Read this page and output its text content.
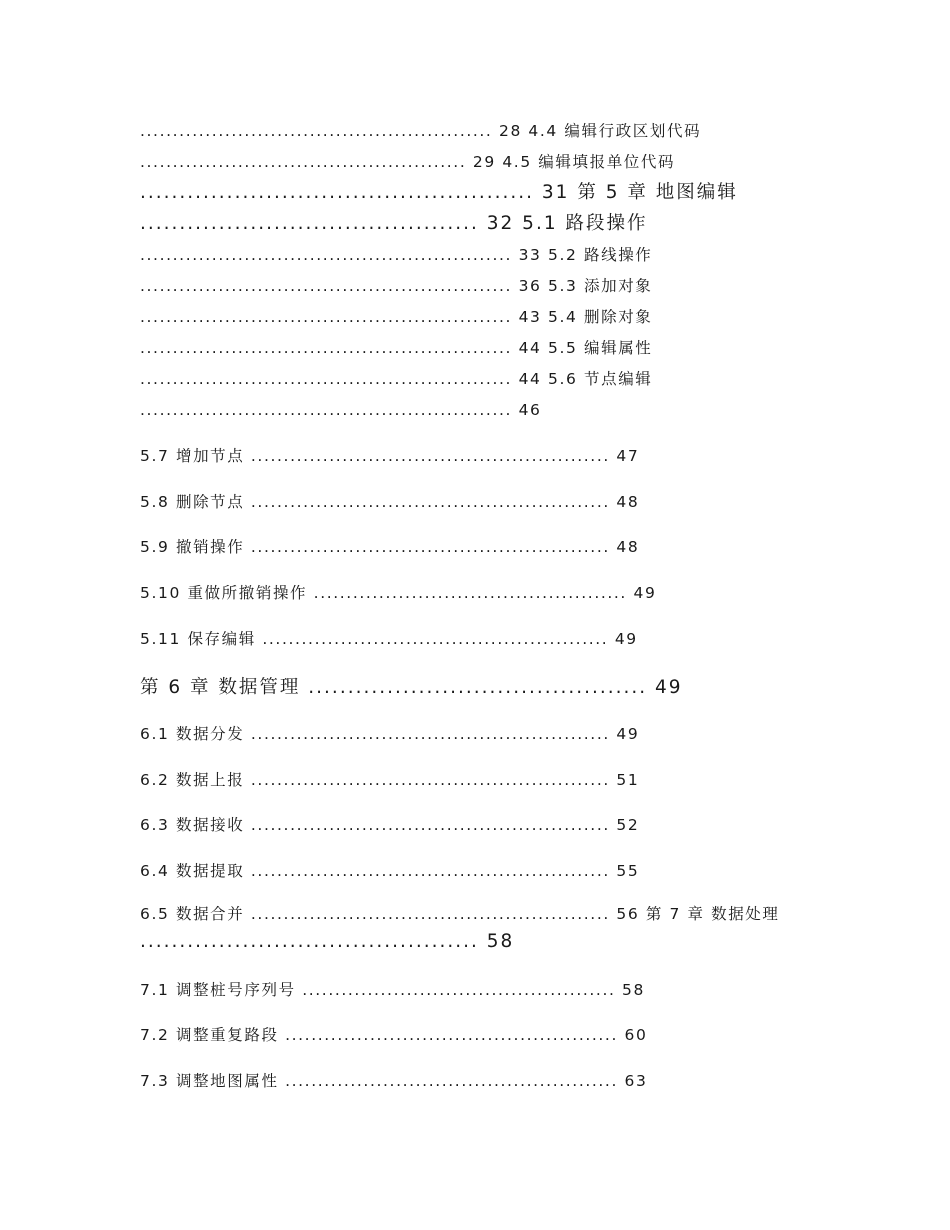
...................................................... 28 4.4 编辑行政区划代码
.................................................. 29 4.5 编辑填报单位代码
.................................................. 31 第 5 章 地图编辑
........................................... 32 5.1 路段操作
......................................................... 33 5.2 路线操作
......................................................... 36 5.3 添加对象
......................................................... 43 5.4 删除对象
......................................................... 44 5.5 编辑属性
......................................................... 44 5.6 节点编辑
......................................................... 46
5.7 增加节点 ....................................................... 47
5.8 删除节点 ....................................................... 48
5.9 撤销操作 ....................................................... 48
5.10 重做所撤销操作 ................................................ 49
5.11 保存编辑 ..................................................... 49
第 6 章 数据管理 ........................................... 49
6.1 数据分发 ....................................................... 49
6.2 数据上报 ....................................................... 51
6.3 数据接收 ....................................................... 52
6.4 数据提取 ....................................................... 55
6.5 数据合并 ....................................................... 56 第 7 章 数据处理
........................................... 58
7.1 调整桩号序列号 ................................................ 58
7.2 调整重复路段 ................................................... 60
7.3 调整地图属性 ................................................... 63
